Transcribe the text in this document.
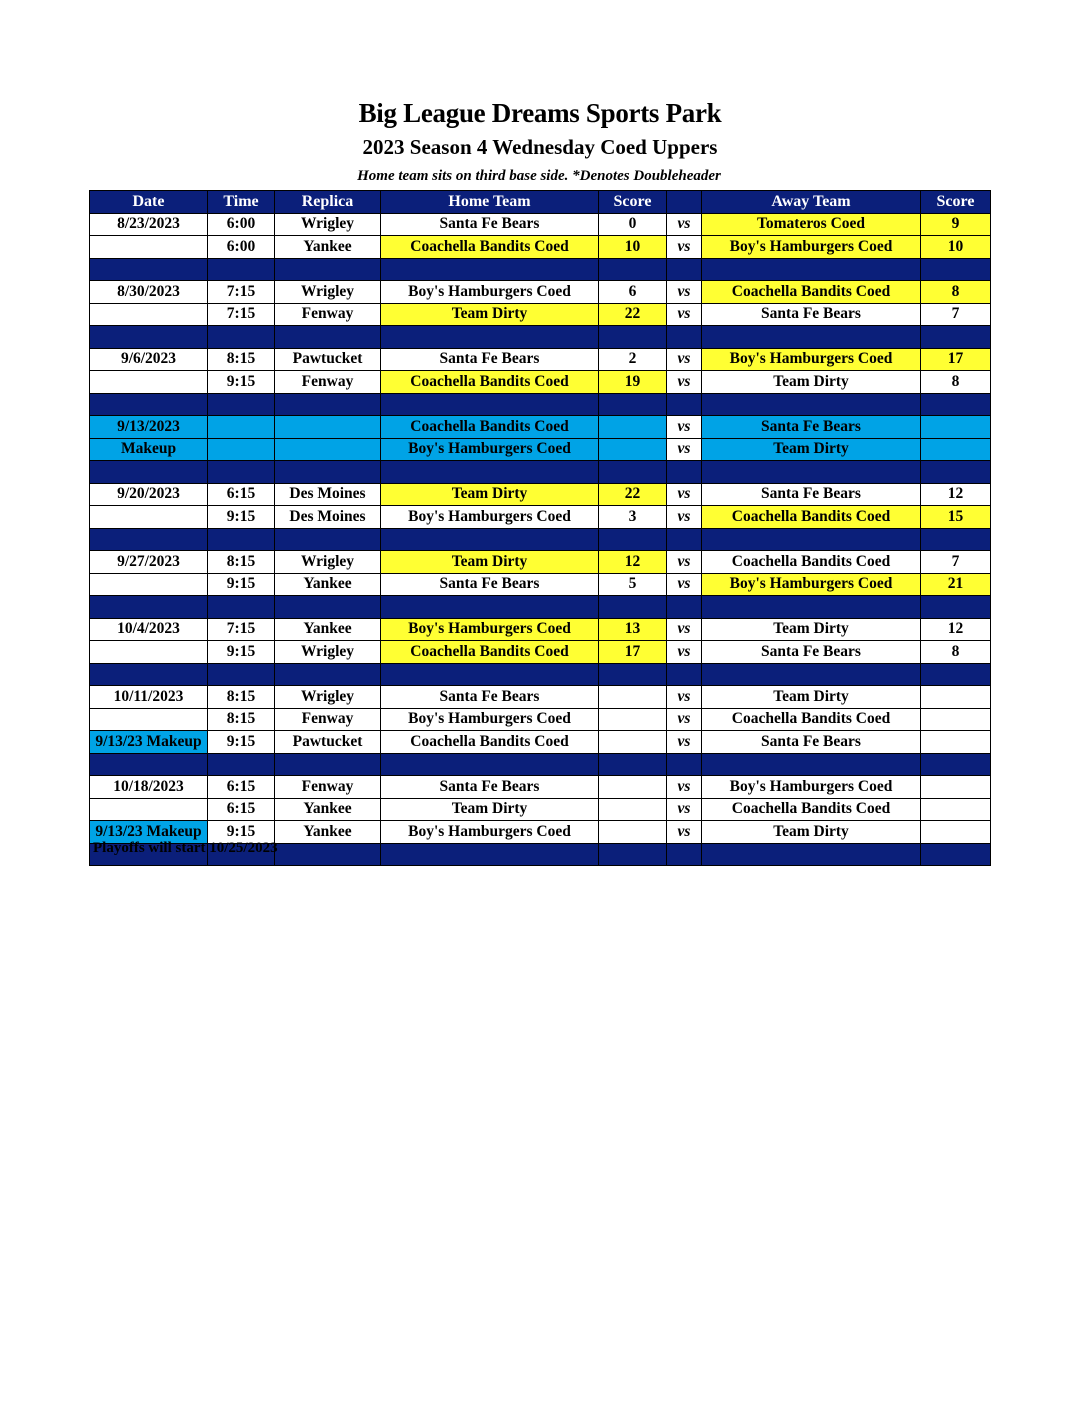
Big League Dreams Sports Park
2023 Season 4 Wednesday Coed Uppers
Home team sits on third base side. *Denotes Doubleheader
Date	Time	Replica	Home Team	Score		Away Team	Score
8/23/2023	6:00	Wrigley	Santa Fe Bears	0	vs	Tomateros Coed	9
	6:00	Yankee	Coachella Bandits Coed	10	vs	Boy's Hamburgers Coed	10

8/30/2023	7:15	Wrigley	Boy's Hamburgers Coed	6	vs	Coachella Bandits Coed	8
	7:15	Fenway	Team Dirty	22	vs	Santa Fe Bears	7

9/6/2023	8:15	Pawtucket	Santa Fe Bears	2	vs	Boy's Hamburgers Coed	17
	9:15	Fenway	Coachella Bandits Coed	19	vs	Team Dirty	8

9/13/2023			Coachella Bandits Coed		vs	Santa Fe Bears	
Makeup			Boy's Hamburgers Coed		vs	Team Dirty	

9/20/2023	6:15	Des Moines	Team Dirty	22	vs	Santa Fe Bears	12
	9:15	Des Moines	Boy's Hamburgers Coed	3	vs	Coachella Bandits Coed	15

9/27/2023	8:15	Wrigley	Team Dirty	12	vs	Coachella Bandits Coed	7
	9:15	Yankee	Santa Fe Bears	5	vs	Boy's Hamburgers Coed	21

10/4/2023	7:15	Yankee	Boy's Hamburgers Coed	13	vs	Team Dirty	12
	9:15	Wrigley	Coachella Bandits Coed	17	vs	Santa Fe Bears	8

10/11/2023	8:15	Wrigley	Santa Fe Bears		vs	Team Dirty	
	8:15	Fenway	Boy's Hamburgers Coed		vs	Coachella Bandits Coed	
9/13/23 Makeup	9:15	Pawtucket	Coachella Bandits Coed		vs	Santa Fe Bears	

10/18/2023	6:15	Fenway	Santa Fe Bears		vs	Boy's Hamburgers Coed	
	6:15	Yankee	Team Dirty		vs	Coachella Bandits Coed	
9/13/23 Makeup	9:15	Yankee	Boy's Hamburgers Coed		vs	Team Dirty	

Playoffs will start 10/25/2023
